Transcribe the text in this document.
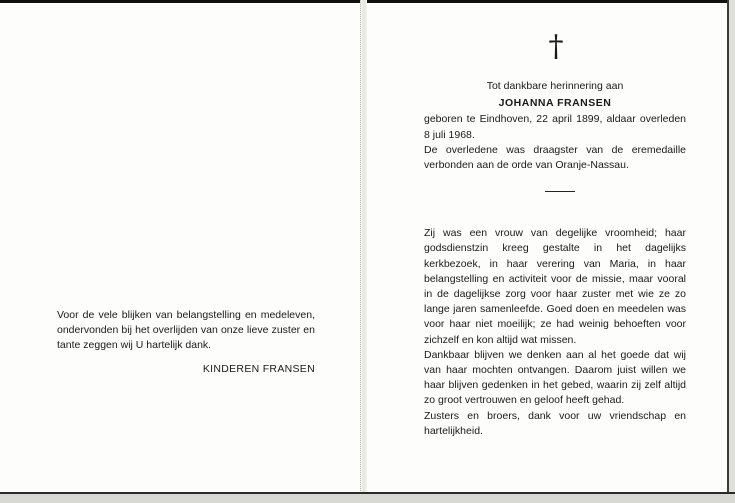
Voor de vele blijken van belangstelling en medeleven, ondervonden bij het overlijden van onze lieve zuster en tante zeggen wij U hartelijk dank.

KINDEREN FRANSEN

†

Tot dankbare herinnering aan

JOHANNA FRANSEN

geboren te Eindhoven, 22 april 1899, aldaar overleden 8 juli 1968.

De overledene was draagster van de eremedaille verbonden aan de orde van Oranje-Nassau.

Zij was een vrouw van degelijke vroomheid; haar godsdienstzin kreeg gestalte in het dagelijks kerkbezoek, in haar verering van Maria, in haar belangstelling en activiteit voor de missie, maar vooral in de dagelijkse zorg voor haar zuster met wie ze zo lange jaren samenleefde. Goed doen en meedelen was voor haar niet moeilijk; ze had weinig behoeften voor zichzelf en kon altijd wat missen.

Dankbaar blijven we denken aan al het goede dat wij van haar mochten ontvangen. Daarom juist willen we haar blijven gedenken in het gebed, waarin zij zelf altijd zo groot vertrouwen en geloof heeft gehad.

Zusters en broers, dank voor uw vriendschap en hartelijkheid.
